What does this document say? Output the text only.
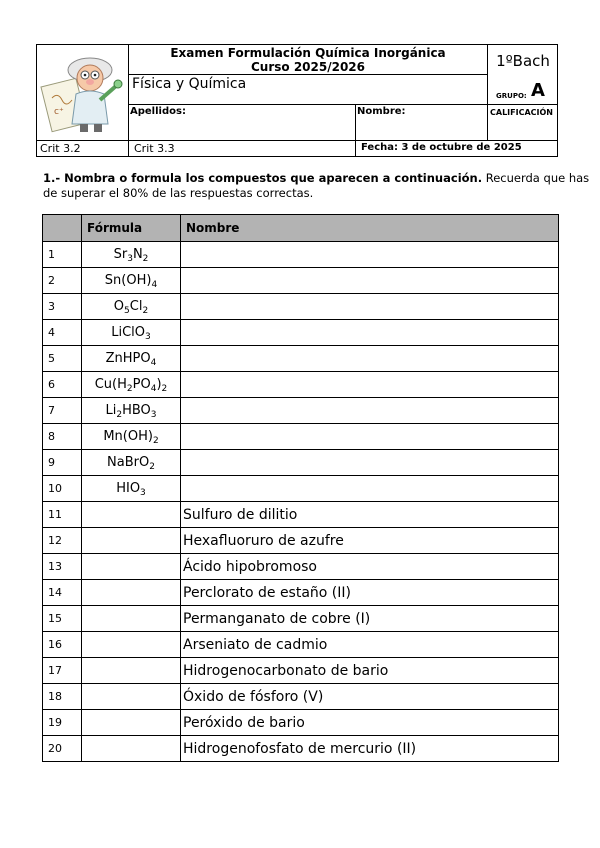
c⁺
Examen Formulación Química Inorgánica
Curso 2025/2026
Física y Química
1ºBach
GRUPO: A
Apellidos:	Nombre:	CALIFICACIÓN
Crit 3.2	Crit 3.3	Fecha: 3 de octubre de 2025
1.- Nombra o formula los compuestos que aparecen a continuación. Recuerda que has
de superar el 80% de las respuestas correctas.
	Fórmula	Nombre
1	$Sr_3N_2$	
2	$Sn(OH)_4$	
3	$O_5Cl_2$	
4	LiClO$_3$	
5	ZnHPO$_4$	
6	$Cu(H_2PO_4)_2$	
7	$Li_2HBO_3$	
8	$Mn(OH)_2$	
9	NaBrO$_2$	
10	$HIO_3$	
11		Sulfuro de dilitio
12		Hexafluoruro de azufre
13		Ácido hipobromoso
14		Perclorato de estaño (II)
15		Permanganato de cobre (I)
16		Arseniato de cadmio
17		Hidrogenocarbonato de bario
18		Óxido de fósforo (V)
19		Peróxido de bario
20		Hidrogenofosfato de mercurio (II)
